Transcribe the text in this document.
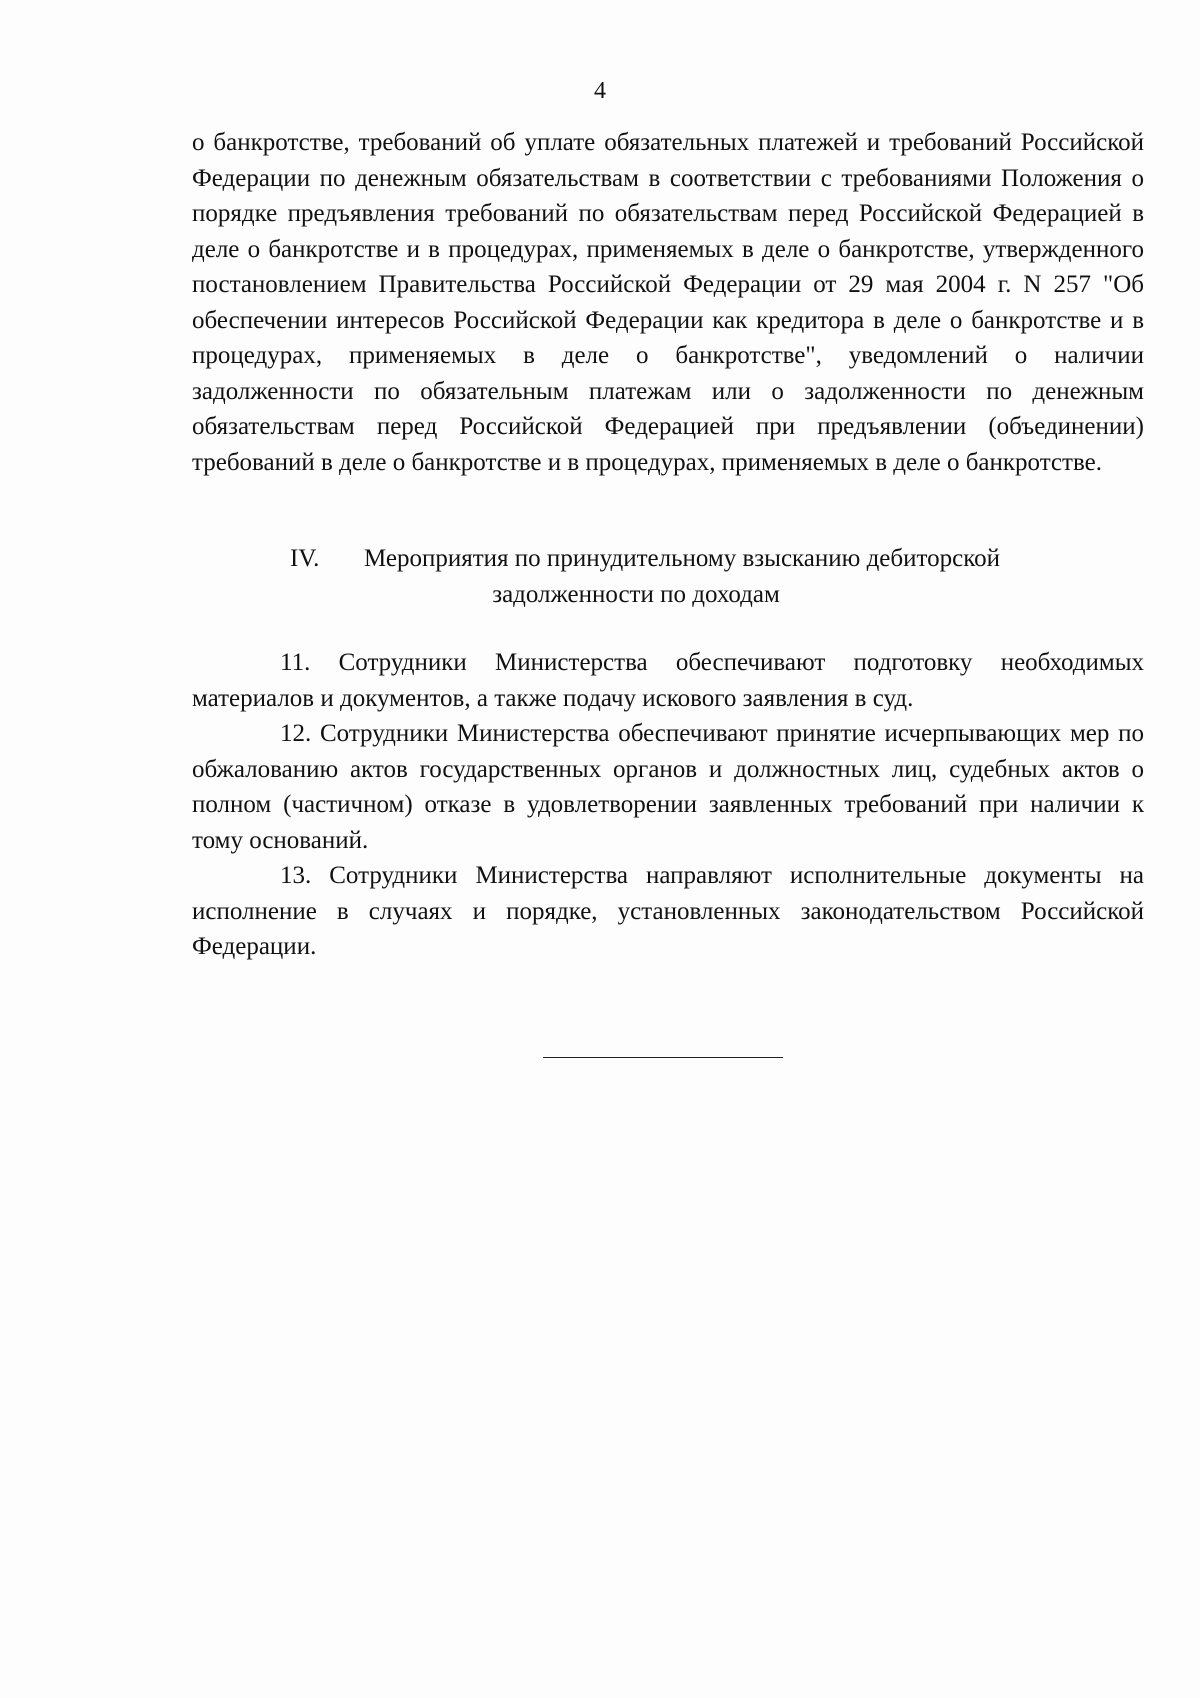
4

о банкротстве, требований об уплате обязательных платежей и требований Российской Федерации по денежным обязательствам в соответствии с требованиями Положения о порядке предъявления требований по обязательствам перед Российской Федерацией в деле о банкротстве и в процедурах, применяемых в деле о банкротстве, утвержденного постановлением Правительства Российской Федерации от 29 мая 2004 г. N 257 "Об обеспечении интересов Российской Федерации как кредитора в деле о банкротстве и в процедурах, применяемых в деле о банкротстве", уведомлений о наличии задолженности по обязательным платежам или о задолженности по денежным обязательствам перед Российской Федерацией при предъявлении (объединении) требований в деле о банкротстве и в процедурах, применяемых в деле о банкротстве.

IV. Мероприятия по принудительному взысканию дебиторской
задолженности по доходам

11. Сотрудники Министерства обеспечивают подготовку необходимых материалов и документов, а также подачу искового заявления в суд.

12. Сотрудники Министерства обеспечивают принятие исчерпывающих мер по обжалованию актов государственных органов и должностных лиц, судебных актов о полном (частичном) отказе в удовлетворении заявленных требований при наличии к тому оснований.

13. Сотрудники Министерства направляют исполнительные документы на исполнение в случаях и порядке, установленных законодательством Российской Федерации.
